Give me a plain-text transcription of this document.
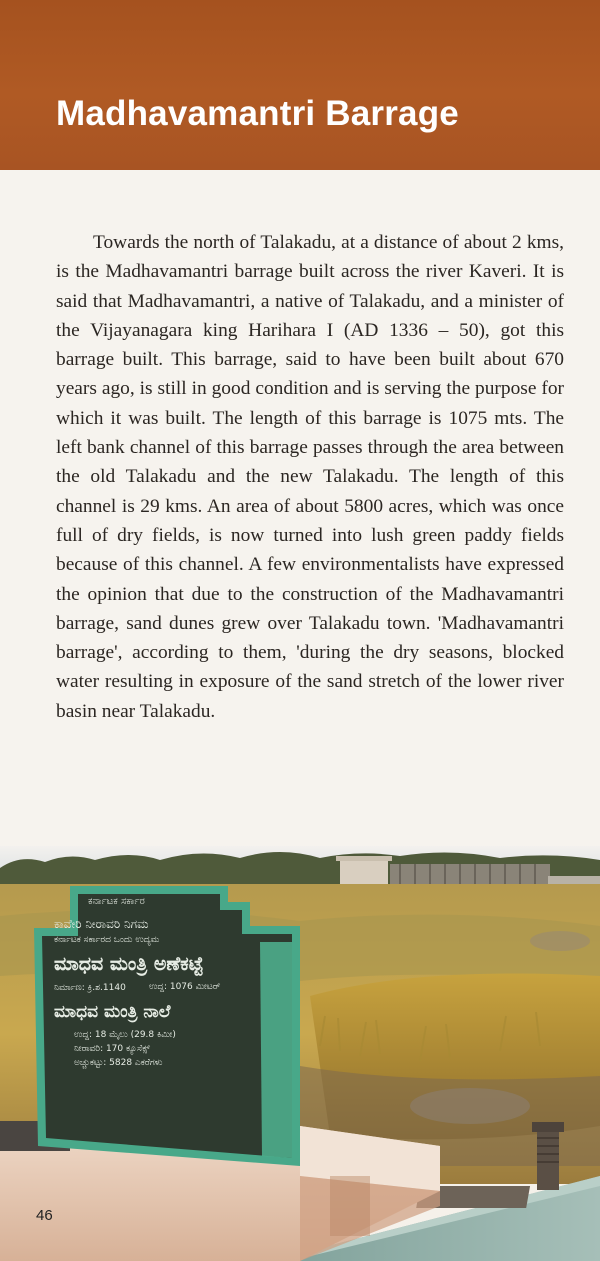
Madhavamantri Barrage

Towards the north of Talakadu, at a distance of about 2 kms, is the Madhavamantri barrage built across the river Kaveri. It is said that Madhavamantri, a native of Talakadu, and a minister of the Vijayanagara king Harihara I (AD 1336 – 50), got this barrage built. This barrage, said to have been built about 670 years ago, is still in good condition and is serving the purpose for which it was built. The length of this barrage is 1075 mts. The left bank channel of this barrage passes through the area between the old Talakadu and the new Talakadu. The length of this channel is 29 kms. An area of about 5800 acres, which was once full of dry fields, is now turned into lush green paddy fields because of this channel. A few environmentalists have expressed the opinion that due to the construction of the Madhavamantri barrage, sand dunes grew over Talakadu town. 'Madhavamantri barrage', according to them, 'during the dry seasons, blocked water resulting in exposure of the sand stretch of the lower river basin near Talakadu.

ಕರ್ನಾಟಕ ಸರ್ಕಾರ
ಕಾವೇರಿ ನೀರಾವರಿ ನಿಗಮ
ಕರ್ನಾಟಕ ಸರ್ಕಾರದ ಒಂದು ಉದ್ಯಮ
ಮಾಧವ ಮಂತ್ರಿ ಅಣೆಕಟ್ಟೆ
ನಿರ್ಮಾಣ: ಕ್ರಿ.ಶ.1140	ಉದ್ದ: 1076 ಮೀಟರ್
ಮಾಧವ ಮಂತ್ರಿ ನಾಲೆ
ಉದ್ದ: 18 ಮೈಲು (29.8 ಕಿಮೀ)
ನೀರಾವರಿ: 170 ಕ್ಯೂಸೆಕ್ಸ್
ಅಚ್ಚುಕಟ್ಟು: 5828 ಎಕರೆಗಳು
46
